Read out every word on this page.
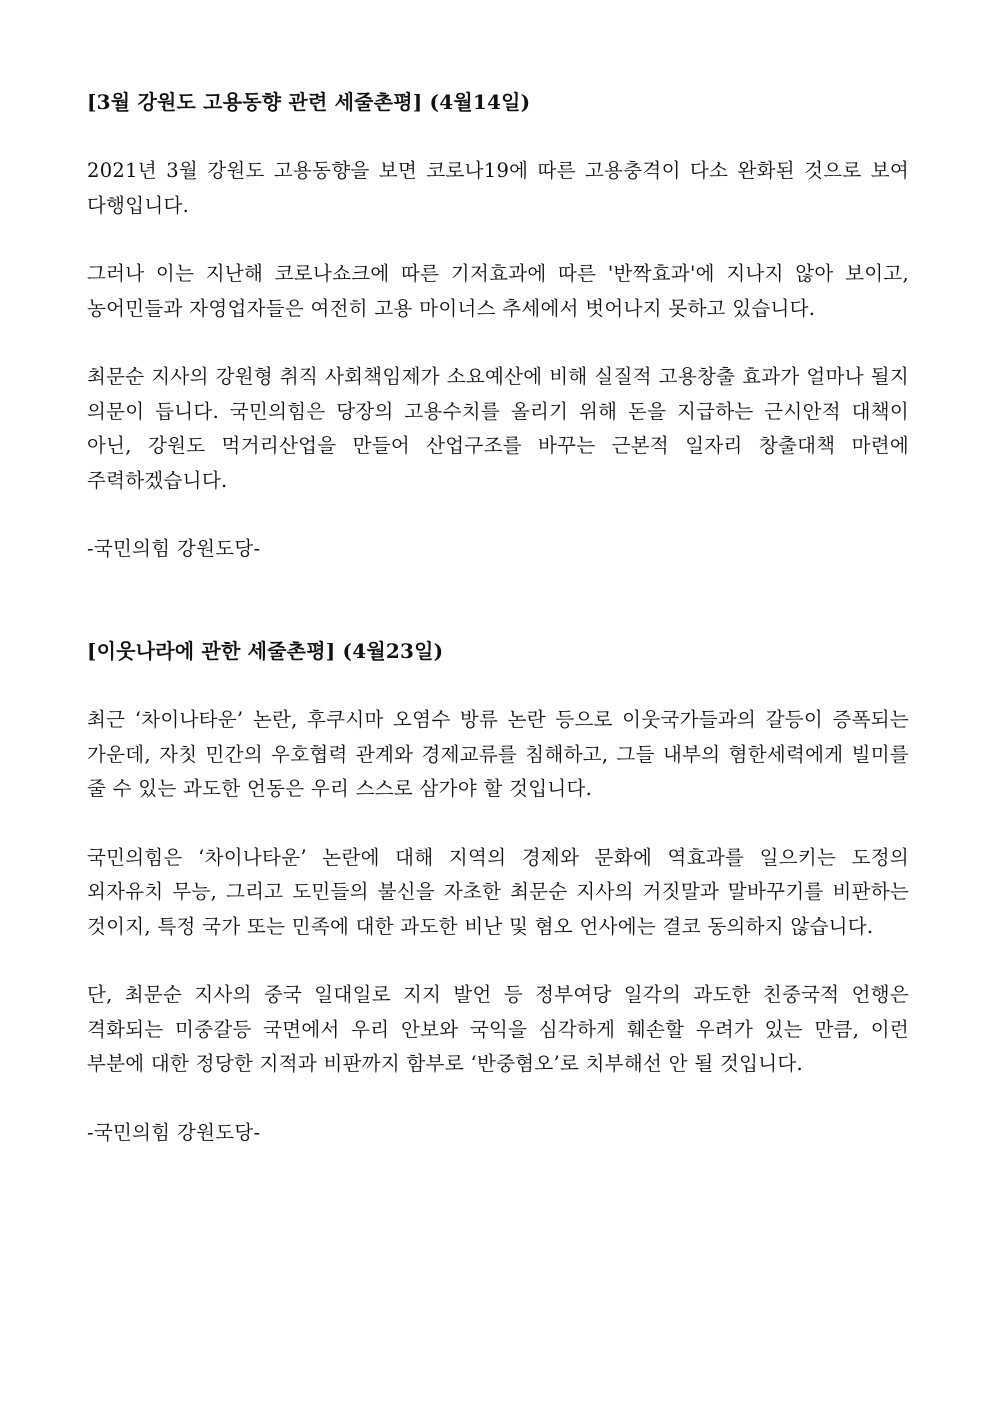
[3월 강원도 고용동향 관련 세줄촌평] (4월14일)

2021년 3월 강원도 고용동향을 보면 코로나19에 따른 고용충격이 다소 완화된 것으로 보여 다행입니다.

그러나 이는 지난해 코로나쇼크에 따른 기저효과에 따른 '반짝효과'에 지나지 않아 보이고, 농어민들과 자영업자들은 여전히 고용 마이너스 추세에서 벗어나지 못하고 있습니다.

최문순 지사의 강원형 취직 사회책임제가 소요예산에 비해 실질적 고용창출 효과가 얼마나 될지 의문이 듭니다. 국민의힘은 당장의 고용수치를 올리기 위해 돈을 지급하는 근시안적 대책이 아닌, 강원도 먹거리산업을 만들어 산업구조를 바꾸는 근본적 일자리 창출대책 마련에 주력하겠습니다.

-국민의힘 강원도당-

[이웃나라에 관한 세줄촌평] (4월23일)

최근 ‘차이나타운’ 논란, 후쿠시마 오염수 방류 논란 등으로 이웃국가들과의 갈등이 증폭되는 가운데, 자칫 민간의 우호협력 관계와 경제교류를 침해하고, 그들 내부의 혐한세력에게 빌미를 줄 수 있는 과도한 언동은 우리 스스로 삼가야 할 것입니다.

국민의힘은 ‘차이나타운’ 논란에 대해 지역의 경제와 문화에 역효과를 일으키는 도정의 외자유치 무능, 그리고 도민들의 불신을 자초한 최문순 지사의 거짓말과 말바꾸기를 비판하는 것이지, 특정 국가 또는 민족에 대한 과도한 비난 및 혐오 언사에는 결코 동의하지 않습니다.

단, 최문순 지사의 중국 일대일로 지지 발언 등 정부여당 일각의 과도한 친중국적 언행은 격화되는 미중갈등 국면에서 우리 안보와 국익을 심각하게 훼손할 우려가 있는 만큼, 이런 부분에 대한 정당한 지적과 비판까지 함부로 ‘반중혐오’로 치부해선 안 될 것입니다.

-국민의힘 강원도당-
